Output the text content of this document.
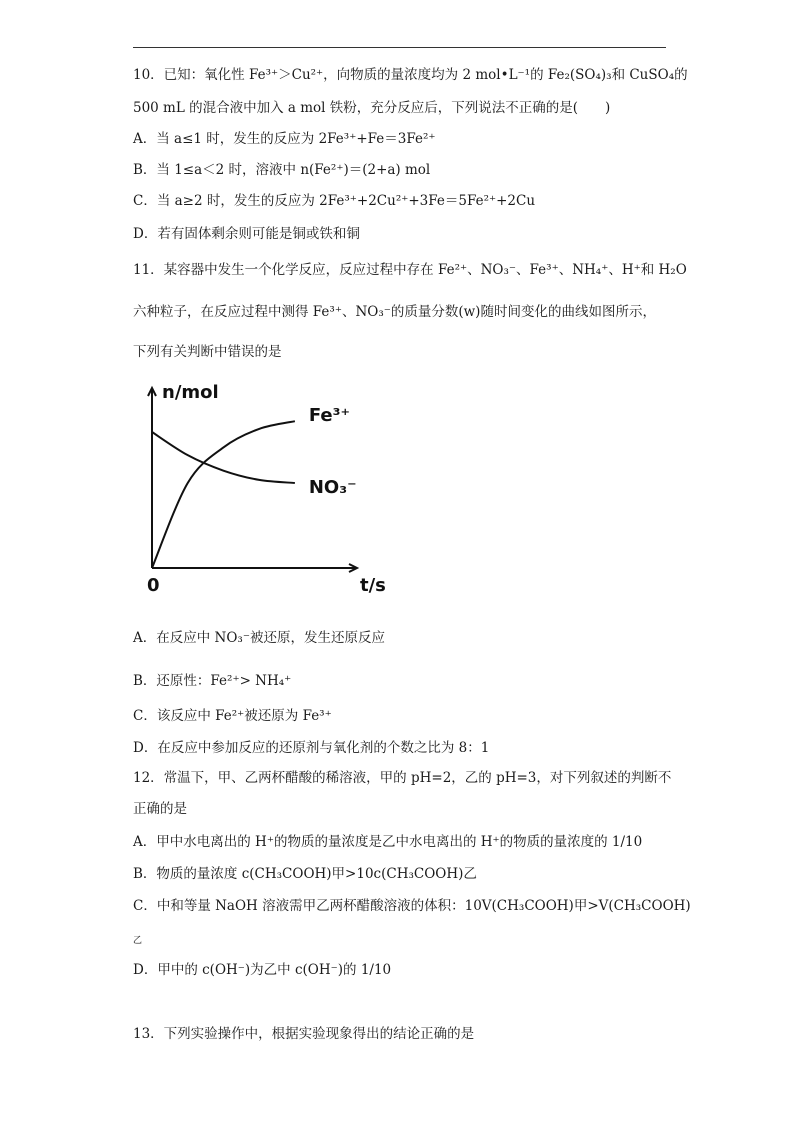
10．已知：氧化性 Fe³⁺＞Cu²⁺，向物质的量浓度均为 2 mol•L⁻¹的 Fe₂(SO₄)₃和 CuSO₄的
500 mL 的混合液中加入 a mol 铁粉，充分反应后，下列说法不正确的是(　　)
A．当 a≤1 时，发生的反应为 2Fe³⁺+Fe＝3Fe²⁺
B．当 1≤a＜2 时，溶液中 n(Fe²⁺)＝(2+a) mol
C．当 a≥2 时，发生的反应为 2Fe³⁺+2Cu²⁺+3Fe＝5Fe²⁺+2Cu
D．若有固体剩余则可能是铜或铁和铜
11．某容器中发生一个化学反应，反应过程中存在 Fe²⁺、NO₃⁻、Fe³⁺、NH₄⁺、H⁺和 H₂O
六种粒子，在反应过程中测得 Fe³⁺、NO₃⁻的质量分数(w)随时间变化的曲线如图所示，
下列有关判断中错误的是
Fe³⁺
NO₃⁻
n/mol
t/s
0
A．在反应中 NO₃⁻被还原，发生还原反应
B．还原性：Fe²⁺> NH₄⁺
C．该反应中 Fe²⁺被还原为 Fe³⁺
D．在反应中参加反应的还原剂与氧化剂的个数之比为 8：1
12．常温下，甲、乙两杯醋酸的稀溶液，甲的 pH=2，乙的 pH=3，对下列叙述的判断不
正确的是
A．甲中水电离出的 H⁺的物质的量浓度是乙中水电离出的 H⁺的物质的量浓度的 1/10
B．物质的量浓度 c(CH₃COOH)甲>10c(CH₃COOH)乙
C．中和等量 NaOH 溶液需甲乙两杯醋酸溶液的体积：10V(CH₃COOH)甲>V(CH₃COOH)
乙
D．甲中的 c(OH⁻)为乙中 c(OH⁻)的 1/10
13．下列实验操作中，根据实验现象得出的结论正确的是
